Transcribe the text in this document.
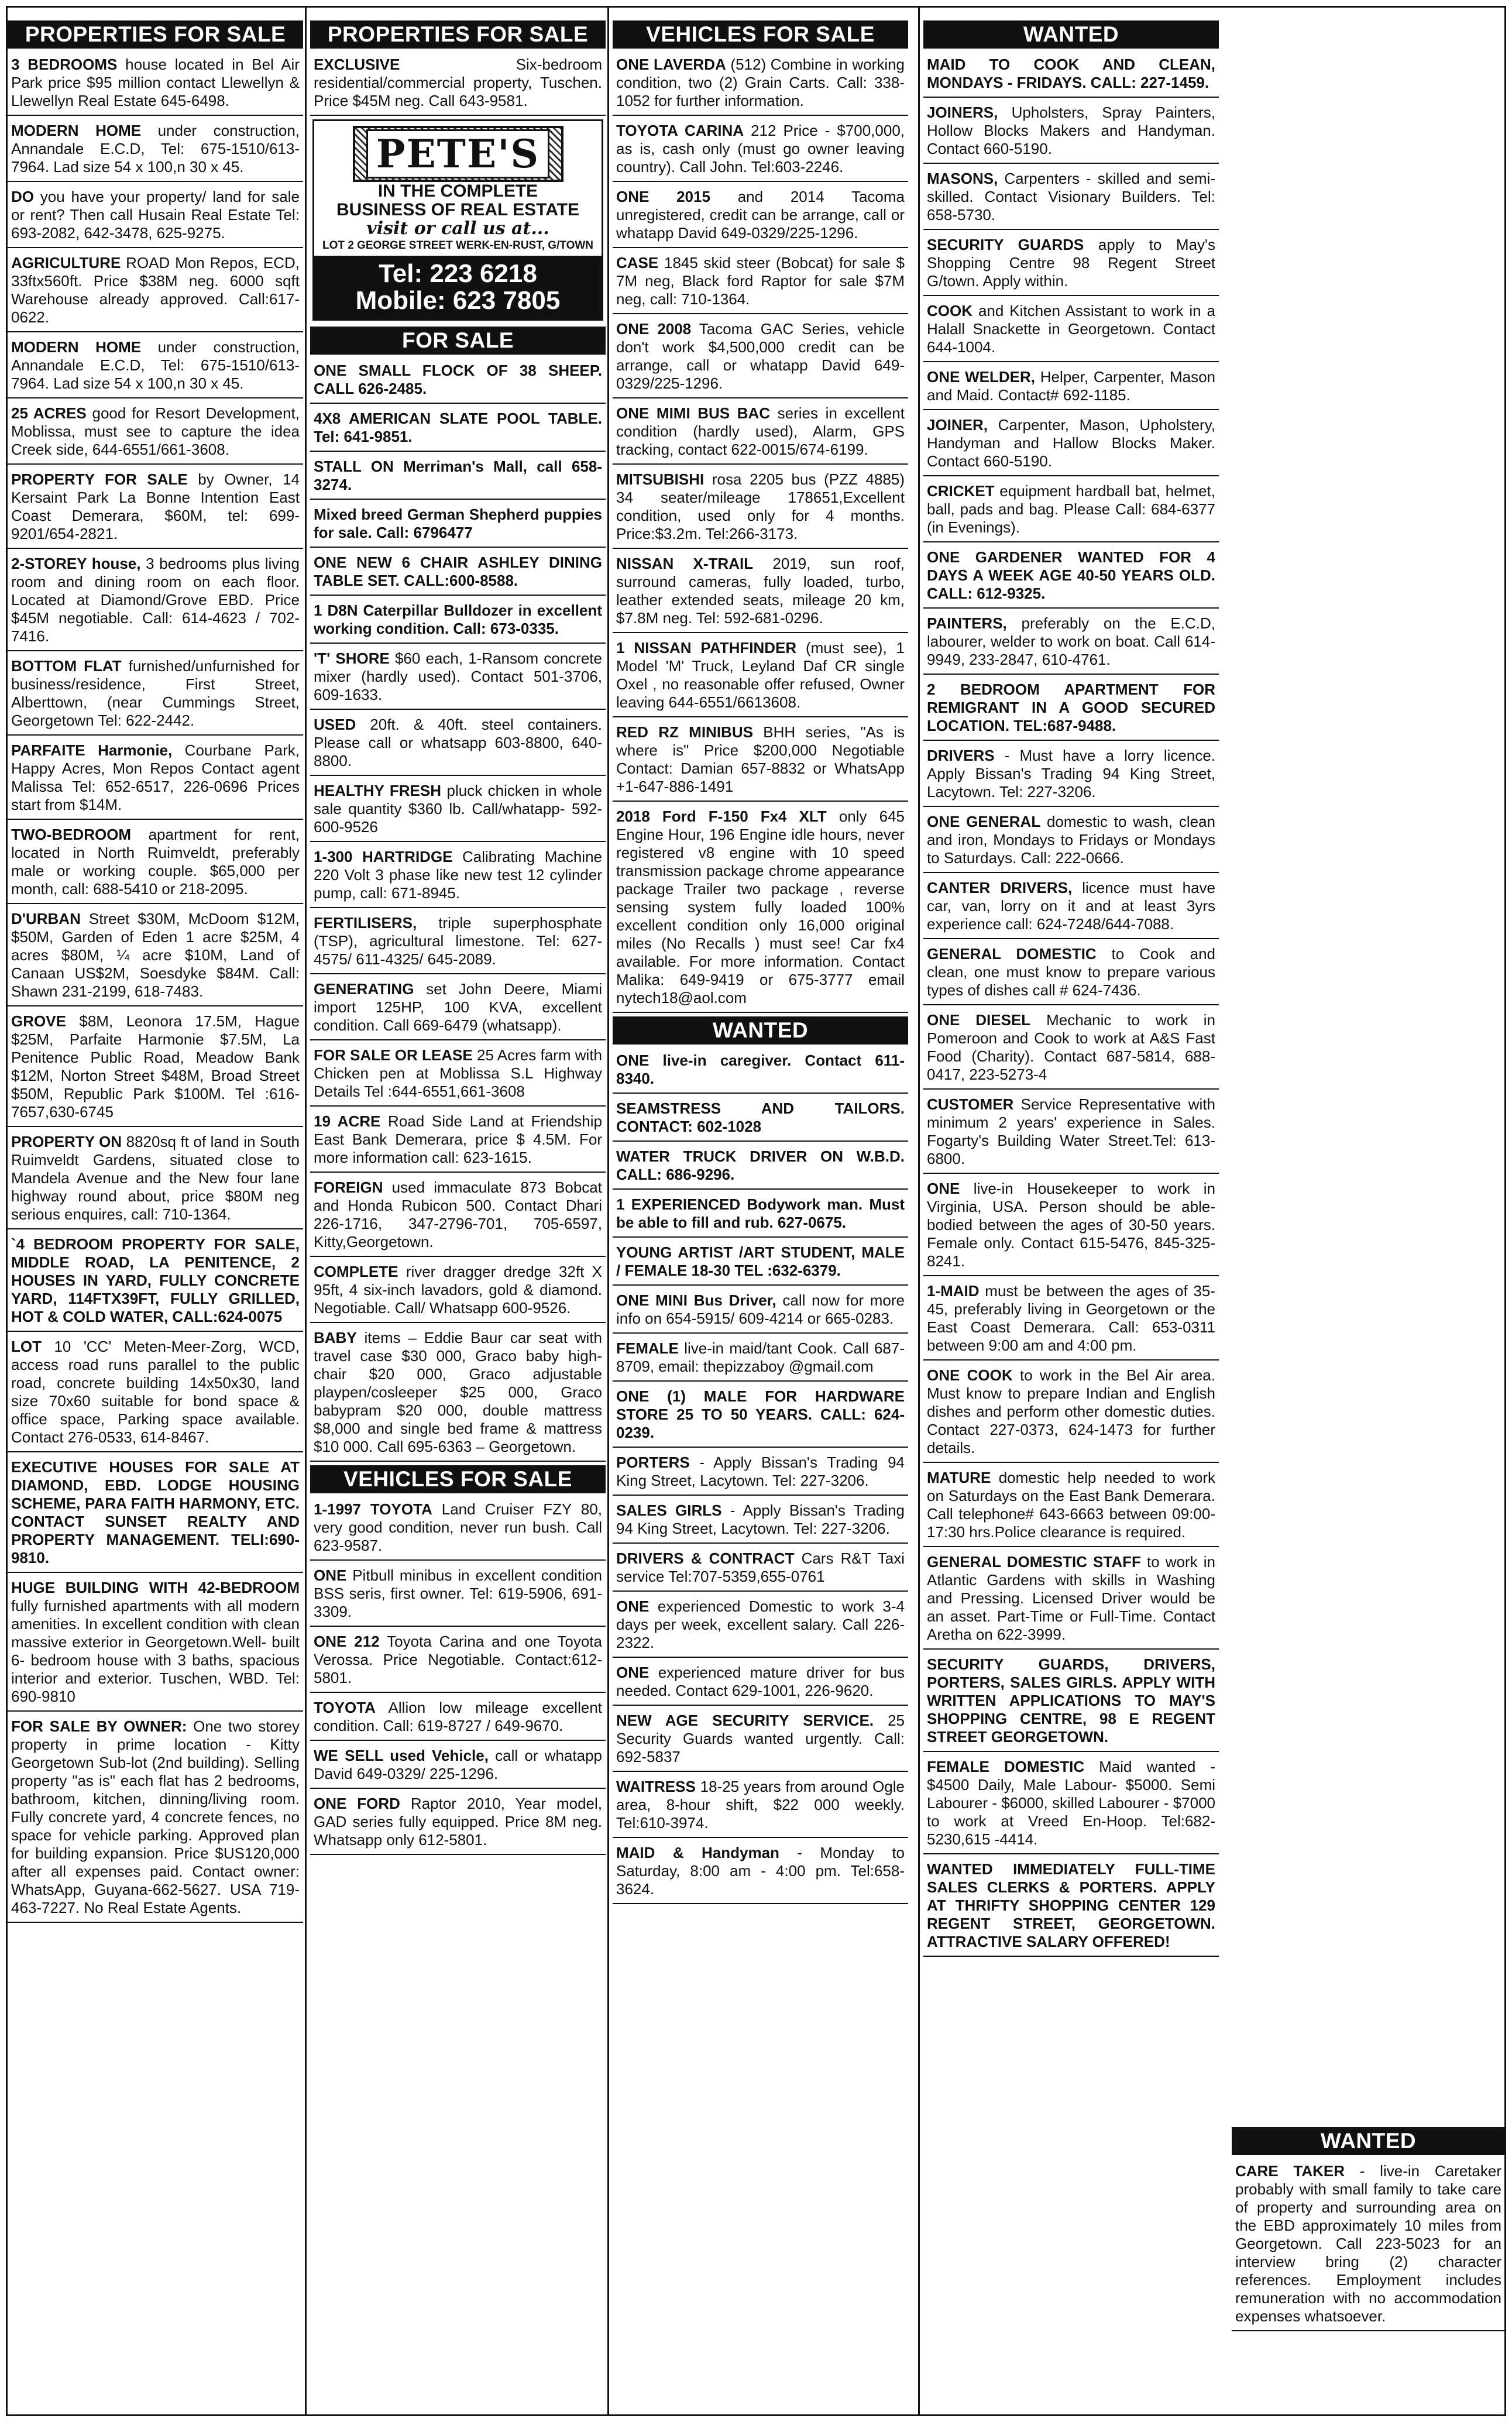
PROPERTIES FOR SALE
3 BEDROOMS house located in Bel Air Park price $95 million contact Llewellyn & Llewellyn Real Estate 645-6498.
MODERN HOME under construction, Annandale E.C.D, Tel: 675-1510/613-7964. Lad size 54 x 100,n 30 x 45.
DO you have your property/ land for sale or rent? Then call Husain Real Estate Tel: 693-2082, 642-3478, 625-9275.
AGRICULTURE ROAD Mon Repos, ECD, 33ftx560ft. Price $38M neg. 6000 sqft Warehouse already approved. Call:617-0622.
MODERN HOME under construction, Annandale E.C.D, Tel: 675-1510/613-7964. Lad size 54 x 100,n 30 x 45.
25 ACRES good for Resort Development, Moblissa, must see to capture the idea Creek side, 644-6551/661-3608.
PROPERTY FOR SALE by Owner, 14 Kersaint Park La Bonne Intention East Coast Demerara, $60M, tel: 699-9201/654-2821.
2-STOREY house, 3 bedrooms plus living room and dining room on each floor. Located at Diamond/Grove EBD. Price $45M negotiable. Call: 614-4623 / 702-7416.
BOTTOM FLAT furnished/unfurnished for business/residence, First Street, Alberttown, (near Cummings Street, Georgetown Tel: 622-2442.
PARFAITE Harmonie, Courbane Park, Happy Acres, Mon Repos Contact agent Malissa Tel: 652-6517, 226-0696 Prices start from $14M.
TWO-BEDROOM apartment for rent, located in North Ruimveldt, preferably male or working couple. $65,000 per month, call: 688-5410 or 218-2095.
D'URBAN Street $30M, McDoom $12M, $50M, Garden of Eden 1 acre $25M, 4 acres $80M, ¼ acre $10M, Land of Canaan US$2M, Soesdyke $84M. Call: Shawn 231-2199, 618-7483.
GROVE $8M, Leonora 17.5M, Hague $25M, Parfaite Harmonie $7.5M, La Penitence Public Road, Meadow Bank $12M, Norton Street $48M, Broad Street $50M, Republic Park $100M. Tel :616-7657,630-6745
PROPERTY ON 8820sq ft of land in South Ruimveldt Gardens, situated close to Mandela Avenue and the New four lane highway round about, price $80M neg serious enquires, call: 710-1364.
`4 BEDROOM PROPERTY FOR SALE, MIDDLE ROAD, LA PENITENCE, 2 HOUSES IN YARD, FULLY CONCRETE YARD, 114FTX39FT, FULLY GRILLED, HOT & COLD WATER, CALL:624-0075
LOT 10 'CC' Meten-Meer-Zorg, WCD, access road runs parallel to the public road, concrete building 14x50x30, land size 70x60 suitable for bond space & office space, Parking space available. Contact 276-0533, 614-8467.
EXECUTIVE HOUSES FOR SALE AT DIAMOND, EBD. LODGE HOUSING SCHEME, PARA FAITH HARMONY, ETC. CONTACT SUNSET REALTY AND PROPERTY MANAGEMENT. TELI:690-9810.
HUGE BUILDING WITH 42-BEDROOM fully furnished apartments with all modern amenities. In excellent condition with clean massive exterior in Georgetown.Well- built 6- bedroom house with 3 baths, spacious interior and exterior. Tuschen, WBD. Tel: 690-9810
FOR SALE BY OWNER: One two storey property in prime location - Kitty Georgetown Sub-lot (2nd building). Selling property "as is" each flat has 2 bedrooms, bathroom, kitchen, dinning/living room. Fully concrete yard, 4 concrete fences, no space for vehicle parking. Approved plan for building expansion. Price $US120,000 after all expenses paid. Contact owner: WhatsApp, Guyana-662-5627. USA 719-463-7227. No Real Estate Agents.
PROPERTIES FOR SALE
EXCLUSIVE Six-bedroom residential/commercial property, Tuschen. Price $45M neg. Call 643-9581.
PETE'S
IN THE COMPLETE
BUSINESS OF REAL ESTATE
visit or call us at...
LOT 2 GEORGE STREET WERK-EN-RUST, G/TOWN
Tel: 223 6218
Mobile: 623 7805
FOR SALE
ONE SMALL FLOCK OF 38 SHEEP. CALL 626-2485.
4X8 AMERICAN SLATE POOL TABLE. Tel: 641-9851.
STALL ON Merriman's Mall, call 658-3274.
Mixed breed German Shepherd puppies for sale. Call: 6796477
ONE NEW 6 CHAIR ASHLEY DINING TABLE SET. CALL:600-8588.
1 D8N Caterpillar Bulldozer in excellent working condition. Call: 673-0335.
'T' SHORE $60 each, 1-Ransom concrete mixer (hardly used). Contact 501-3706, 609-1633.
USED 20ft. & 40ft. steel containers. Please call or whatsapp 603-8800, 640-8800.
HEALTHY FRESH pluck chicken in whole sale quantity $360 lb. Call/whatapp- 592-600-9526
1-300 HARTRIDGE Calibrating Machine 220 Volt 3 phase like new test 12 cylinder pump, call: 671-8945.
FERTILISERS, triple superphosphate (TSP), agricultural limestone. Tel: 627-4575/ 611-4325/ 645-2089.
GENERATING set John Deere, Miami import 125HP, 100 KVA, excellent condition. Call 669-6479 (whatsapp).
FOR SALE OR LEASE 25 Acres farm with Chicken pen at Moblissa S.L Highway Details Tel :644-6551,661-3608
19 ACRE Road Side Land at Friendship East Bank Demerara, price $ 4.5M. For more information call: 623-1615.
FOREIGN used immaculate 873 Bobcat and Honda Rubicon 500. Contact Dhari 226-1716, 347-2796-701, 705-6597, Kitty,Georgetown.
COMPLETE river dragger dredge 32ft X 95ft, 4 six-inch lavadors, gold & diamond. Negotiable. Call/ Whatsapp 600-9526.
BABY items – Eddie Baur car seat with travel case $30 000, Graco baby high-chair $20 000, Graco adjustable playpen/cosleeper $25 000, Graco babypram $20 000, double mattress $8,000 and single bed frame & mattress $10 000. Call 695-6363 – Georgetown.
VEHICLES FOR SALE
1-1997 TOYOTA Land Cruiser FZY 80, very good condition, never run bush. Call 623-9587.
ONE Pitbull minibus in excellent condition BSS seris, first owner. Tel: 619-5906, 691-3309.
ONE 212 Toyota Carina and one Toyota Verossa. Price Negotiable. Contact:612-5801.
TOYOTA Allion low mileage excellent condition. Call: 619-8727 / 649-9670.
WE SELL used Vehicle, call or whatapp David 649-0329/ 225-1296.
ONE FORD Raptor 2010, Year model, GAD series fully equipped. Price 8M neg. Whatsapp only 612-5801.
VEHICLES FOR SALE
ONE LAVERDA (512) Combine in working condition, two (2) Grain Carts. Call: 338-1052 for further information.
TOYOTA CARINA 212 Price - $700,000, as is, cash only (must go owner leaving country). Call John. Tel:603-2246.
ONE 2015 and 2014 Tacoma unregistered, credit can be arrange, call or whatapp David 649-0329/225-1296.
CASE 1845 skid steer (Bobcat) for sale $ 7M neg, Black ford Raptor for sale $7M neg, call: 710-1364.
ONE 2008 Tacoma GAC Series, vehicle don't work $4,500,000 credit can be arrange, call or whatapp David 649-0329/225-1296.
ONE MIMI BUS BAC series in excellent condition (hardly used), Alarm, GPS tracking, contact 622-0015/674-6199.
MITSUBISHI rosa 2205 bus (PZZ 4885) 34 seater/mileage 178651,Excellent condition, used only for 4 months. Price:$3.2m. Tel:266-3173.
NISSAN X-TRAIL 2019, sun roof, surround cameras, fully loaded, turbo, leather extended seats, mileage 20 km, $7.8M neg. Tel: 592-681-0296.
1 NISSAN PATHFINDER (must see), 1 Model 'M' Truck, Leyland Daf CR single Oxel , no reasonable offer refused, Owner leaving 644-6551/6613608.
RED RZ MINIBUS BHH series, "As is where is" Price $200,000 Negotiable Contact: Damian 657-8832 or WhatsApp +1-647-886-1491
2018 Ford F-150 Fx4 XLT only 645 Engine Hour, 196 Engine idle hours, never registered v8 engine with 10 speed transmission package chrome appearance package Trailer two package , reverse sensing system fully loaded 100% excellent condition only 16,000 original miles (No Recalls ) must see! Car fx4 available. For more information. Contact Malika: 649-9419 or 675-3777 email nytech18@aol.com
WANTED
ONE live-in caregiver. Contact 611-8340.
SEAMSTRESS AND TAILORS. CONTACT: 602-1028
WATER TRUCK DRIVER ON W.B.D. CALL: 686-9296.
1 EXPERIENCED Bodywork man. Must be able to fill and rub. 627-0675.
YOUNG ARTIST /ART STUDENT, MALE / FEMALE 18-30 TEL :632-6379.
ONE MINI Bus Driver, call now for more info on 654-5915/ 609-4214 or 665-0283.
FEMALE live-in maid/tant Cook. Call 687-8709, email: thepizzaboy @gmail.com
ONE (1) MALE FOR HARDWARE STORE 25 TO 50 YEARS. CALL: 624-0239.
PORTERS - Apply Bissan's Trading 94 King Street, Lacytown. Tel: 227-3206.
SALES GIRLS - Apply Bissan's Trading 94 King Street, Lacytown. Tel: 227-3206.
DRIVERS & CONTRACT Cars R&T Taxi service Tel:707-5359,655-0761
ONE experienced Domestic to work 3-4 days per week, excellent salary. Call 226-2322.
ONE experienced mature driver for bus needed. Contact 629-1001, 226-9620.
NEW AGE SECURITY SERVICE. 25 Security Guards wanted urgently. Call: 692-5837
WAITRESS 18-25 years from around Ogle area, 8-hour shift, $22 000 weekly. Tel:610-3974.
MAID & Handyman - Monday to Saturday, 8:00 am - 4:00 pm. Tel:658-3624.
WANTED
MAID TO COOK AND CLEAN, MONDAYS - FRIDAYS. CALL: 227-1459.
JOINERS, Upholsters, Spray Painters, Hollow Blocks Makers and Handyman. Contact 660-5190.
MASONS, Carpenters - skilled and semi-skilled. Contact Visionary Builders. Tel: 658-5730.
SECURITY GUARDS apply to May's Shopping Centre 98 Regent Street G/town. Apply within.
COOK and Kitchen Assistant to work in a Halall Snackette in Georgetown. Contact 644-1004.
ONE WELDER, Helper, Carpenter, Mason and Maid. Contact# 692-1185.
JOINER, Carpenter, Mason, Upholstery, Handyman and Hallow Blocks Maker. Contact 660-5190.
CRICKET equipment hardball bat, helmet, ball, pads and bag. Please Call: 684-6377 (in Evenings).
ONE GARDENER WANTED FOR 4 DAYS A WEEK AGE 40-50 YEARS OLD. CALL: 612-9325.
PAINTERS, preferably on the E.C.D, labourer, welder to work on boat. Call 614-9949, 233-2847, 610-4761.
2 BEDROOM APARTMENT FOR REMIGRANT IN A GOOD SECURED LOCATION. TEL:687-9488.
DRIVERS - Must have a lorry licence. Apply Bissan's Trading 94 King Street, Lacytown. Tel: 227-3206.
ONE GENERAL domestic to wash, clean and iron, Mondays to Fridays or Mondays to Saturdays. Call: 222-0666.
CANTER DRIVERS, licence must have car, van, lorry on it and at least 3yrs experience call: 624-7248/644-7088.
GENERAL DOMESTIC to Cook and clean, one must know to prepare various types of dishes call # 624-7436.
ONE DIESEL Mechanic to work in Pomeroon and Cook to work at A&S Fast Food (Charity). Contact 687-5814, 688-0417, 223-5273-4
CUSTOMER Service Representative with minimum 2 years' experience in Sales. Fogarty's Building Water Street.Tel: 613-6800.
ONE live-in Housekeeper to work in Virginia, USA. Person should be able-bodied between the ages of 30-50 years. Female only. Contact 615-5476, 845-325-8241.
1-MAID must be between the ages of 35-45, preferably living in Georgetown or the East Coast Demerara. Call: 653-0311 between 9:00 am and 4:00 pm.
ONE COOK to work in the Bel Air area. Must know to prepare Indian and English dishes and perform other domestic duties. Contact 227-0373, 624-1473 for further details.
MATURE domestic help needed to work on Saturdays on the East Bank Demerara. Call telephone# 643-6663 between 09:00-17:30 hrs.Police clearance is required.
GENERAL DOMESTIC STAFF to work in Atlantic Gardens with skills in Washing and Pressing. Licensed Driver would be an asset. Part-Time or Full-Time. Contact Aretha on 622-3999.
SECURITY GUARDS, DRIVERS, PORTERS, SALES GIRLS. APPLY WITH WRITTEN APPLICATIONS TO MAY'S SHOPPING CENTRE, 98 E REGENT STREET GEORGETOWN.
FEMALE DOMESTIC Maid wanted - $4500 Daily, Male Labour- $5000. Semi Labourer - $6000, skilled Labourer - $7000 to work at Vreed En-Hoop. Tel:682-5230,615 -4414.
WANTED IMMEDIATELY FULL-TIME SALES CLERKS & PORTERS. APPLY AT THRIFTY SHOPPING CENTER 129 REGENT STREET, GEORGETOWN. ATTRACTIVE SALARY OFFERED!
WANTED
CARE TAKER - live-in Caretaker probably with small family to take care of property and surrounding area on the EBD approximately 10 miles from Georgetown. Call 223-5023 for an interview bring (2) character references. Employment includes remuneration with no accommodation expenses whatsoever.
